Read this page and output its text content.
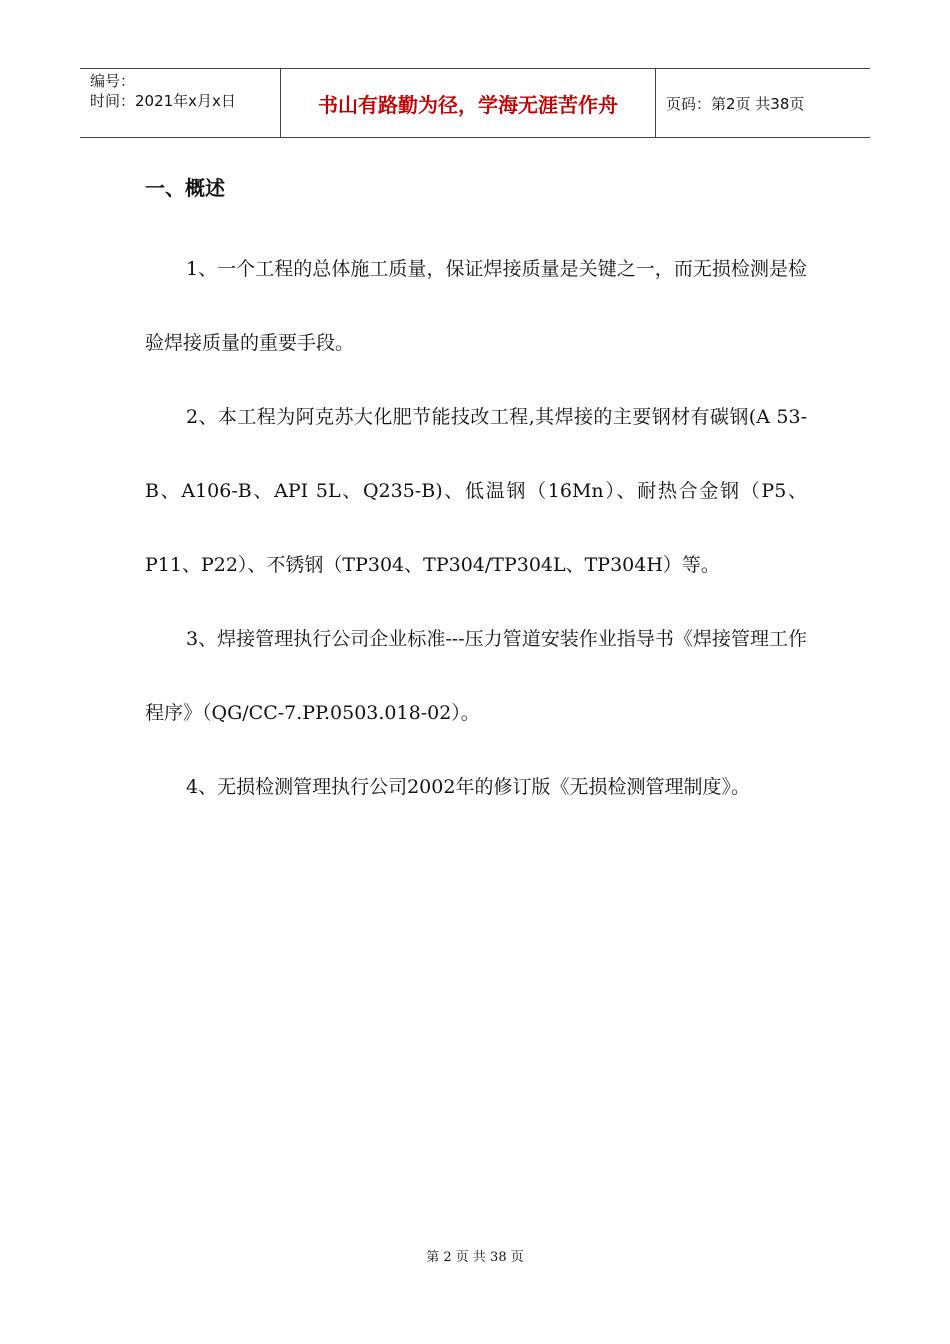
编号：
时间：2021年x月x日	书山有路勤为径，学海无涯苦作舟	页码：第2页 共38页
一、概述

1、一个工程的总体施工质量，保证焊接质量是关键之一，而无损检测是检验焊接质量的重要手段。

2、本工程为阿克苏大化肥节能技改工程,其焊接的主要钢材有碳钢(A 53-B、A106-B、API 5L、Q235-B)、低温钢（16Mn）、耐热合金钢（P5、P11、P22）、不锈钢（TP304、TP304/TP304L、TP304H）等。

3、焊接管理执行公司企业标准---压力管道安装作业指导书《焊接管理工作程序》（QG/CC-7.PP.0503.018-02）。

4、无损检测管理执行公司2002年的修订版《无损检测管理制度》。

第 2 页 共 38 页
